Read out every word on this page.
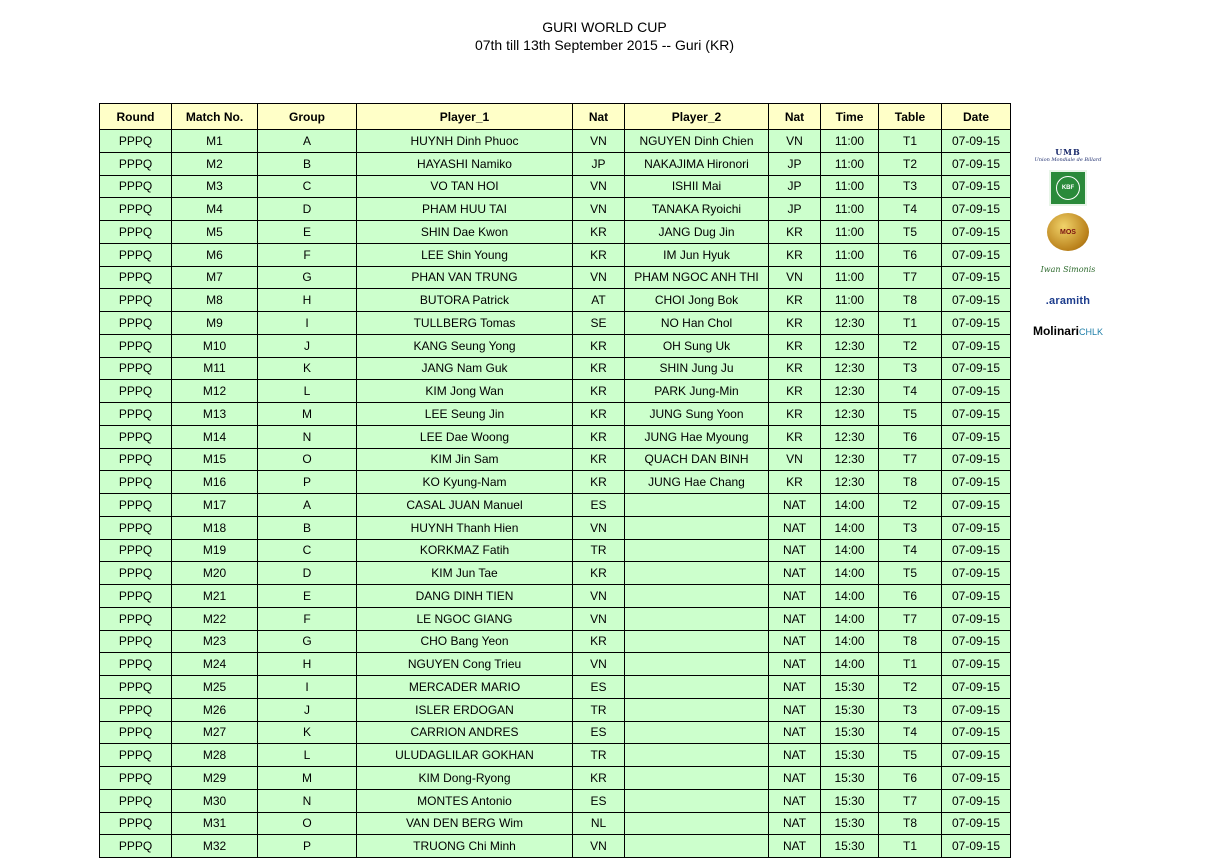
GURI WORLD CUP
07th till 13th September 2015 -- Guri (KR)
Round	Match No.	Group	Player_1	Nat	Player_2	Nat	Time	Table	Date
PPPQ	M1	A	HUYNH Dinh Phuoc	VN	NGUYEN Dinh Chien	VN	11:00	T1	07-09-15
PPPQ	M2	B	HAYASHI Namiko	JP	NAKAJIMA Hironori	JP	11:00	T2	07-09-15
PPPQ	M3	C	VO TAN HOI	VN	ISHII Mai	JP	11:00	T3	07-09-15
PPPQ	M4	D	PHAM HUU TAI	VN	TANAKA Ryoichi	JP	11:00	T4	07-09-15
PPPQ	M5	E	SHIN Dae Kwon	KR	JANG Dug Jin	KR	11:00	T5	07-09-15
PPPQ	M6	F	LEE Shin Young	KR	IM Jun Hyuk	KR	11:00	T6	07-09-15
PPPQ	M7	G	PHAN VAN TRUNG	VN	PHAM NGOC ANH THI	VN	11:00	T7	07-09-15
PPPQ	M8	H	BUTORA Patrick	AT	CHOI Jong Bok	KR	11:00	T8	07-09-15
PPPQ	M9	I	TULLBERG Tomas	SE	NO Han Chol	KR	12:30	T1	07-09-15
PPPQ	M10	J	KANG Seung Yong	KR	OH Sung Uk	KR	12:30	T2	07-09-15
PPPQ	M11	K	JANG Nam Guk	KR	SHIN Jung Ju	KR	12:30	T3	07-09-15
PPPQ	M12	L	KIM Jong Wan	KR	PARK Jung-Min	KR	12:30	T4	07-09-15
PPPQ	M13	M	LEE Seung Jin	KR	JUNG Sung Yoon	KR	12:30	T5	07-09-15
PPPQ	M14	N	LEE Dae Woong	KR	JUNG Hae Myoung	KR	12:30	T6	07-09-15
PPPQ	M15	O	KIM Jin Sam	KR	QUACH DAN BINH	VN	12:30	T7	07-09-15
PPPQ	M16	P	KO Kyung-Nam	KR	JUNG Hae Chang	KR	12:30	T8	07-09-15
PPPQ	M17	A	CASAL JUAN Manuel	ES		NAT	14:00	T2	07-09-15
PPPQ	M18	B	HUYNH Thanh Hien	VN		NAT	14:00	T3	07-09-15
PPPQ	M19	C	KORKMAZ Fatih	TR		NAT	14:00	T4	07-09-15
PPPQ	M20	D	KIM Jun Tae	KR		NAT	14:00	T5	07-09-15
PPPQ	M21	E	DANG DINH TIEN	VN		NAT	14:00	T6	07-09-15
PPPQ	M22	F	LE NGOC GIANG	VN		NAT	14:00	T7	07-09-15
PPPQ	M23	G	CHO Bang Yeon	KR		NAT	14:00	T8	07-09-15
PPPQ	M24	H	NGUYEN Cong Trieu	VN		NAT	14:00	T1	07-09-15
PPPQ	M25	I	MERCADER MARIO	ES		NAT	15:30	T2	07-09-15
PPPQ	M26	J	ISLER ERDOGAN	TR		NAT	15:30	T3	07-09-15
PPPQ	M27	K	CARRION ANDRES	ES		NAT	15:30	T4	07-09-15
PPPQ	M28	L	ULUDAGLILAR GOKHAN	TR		NAT	15:30	T5	07-09-15
PPPQ	M29	M	KIM Dong-Ryong	KR		NAT	15:30	T6	07-09-15
PPPQ	M30	N	MONTES Antonio	ES		NAT	15:30	T7	07-09-15
PPPQ	M31	O	VAN DEN BERG Wim	NL		NAT	15:30	T8	07-09-15
PPPQ	M32	P	TRUONG Chi Minh	VN		NAT	15:30	T1	07-09-15
UMB
Union Mondiale de Billard
KBF
MOS
Iwan Simonis
.aramith
MolinariCHLK
